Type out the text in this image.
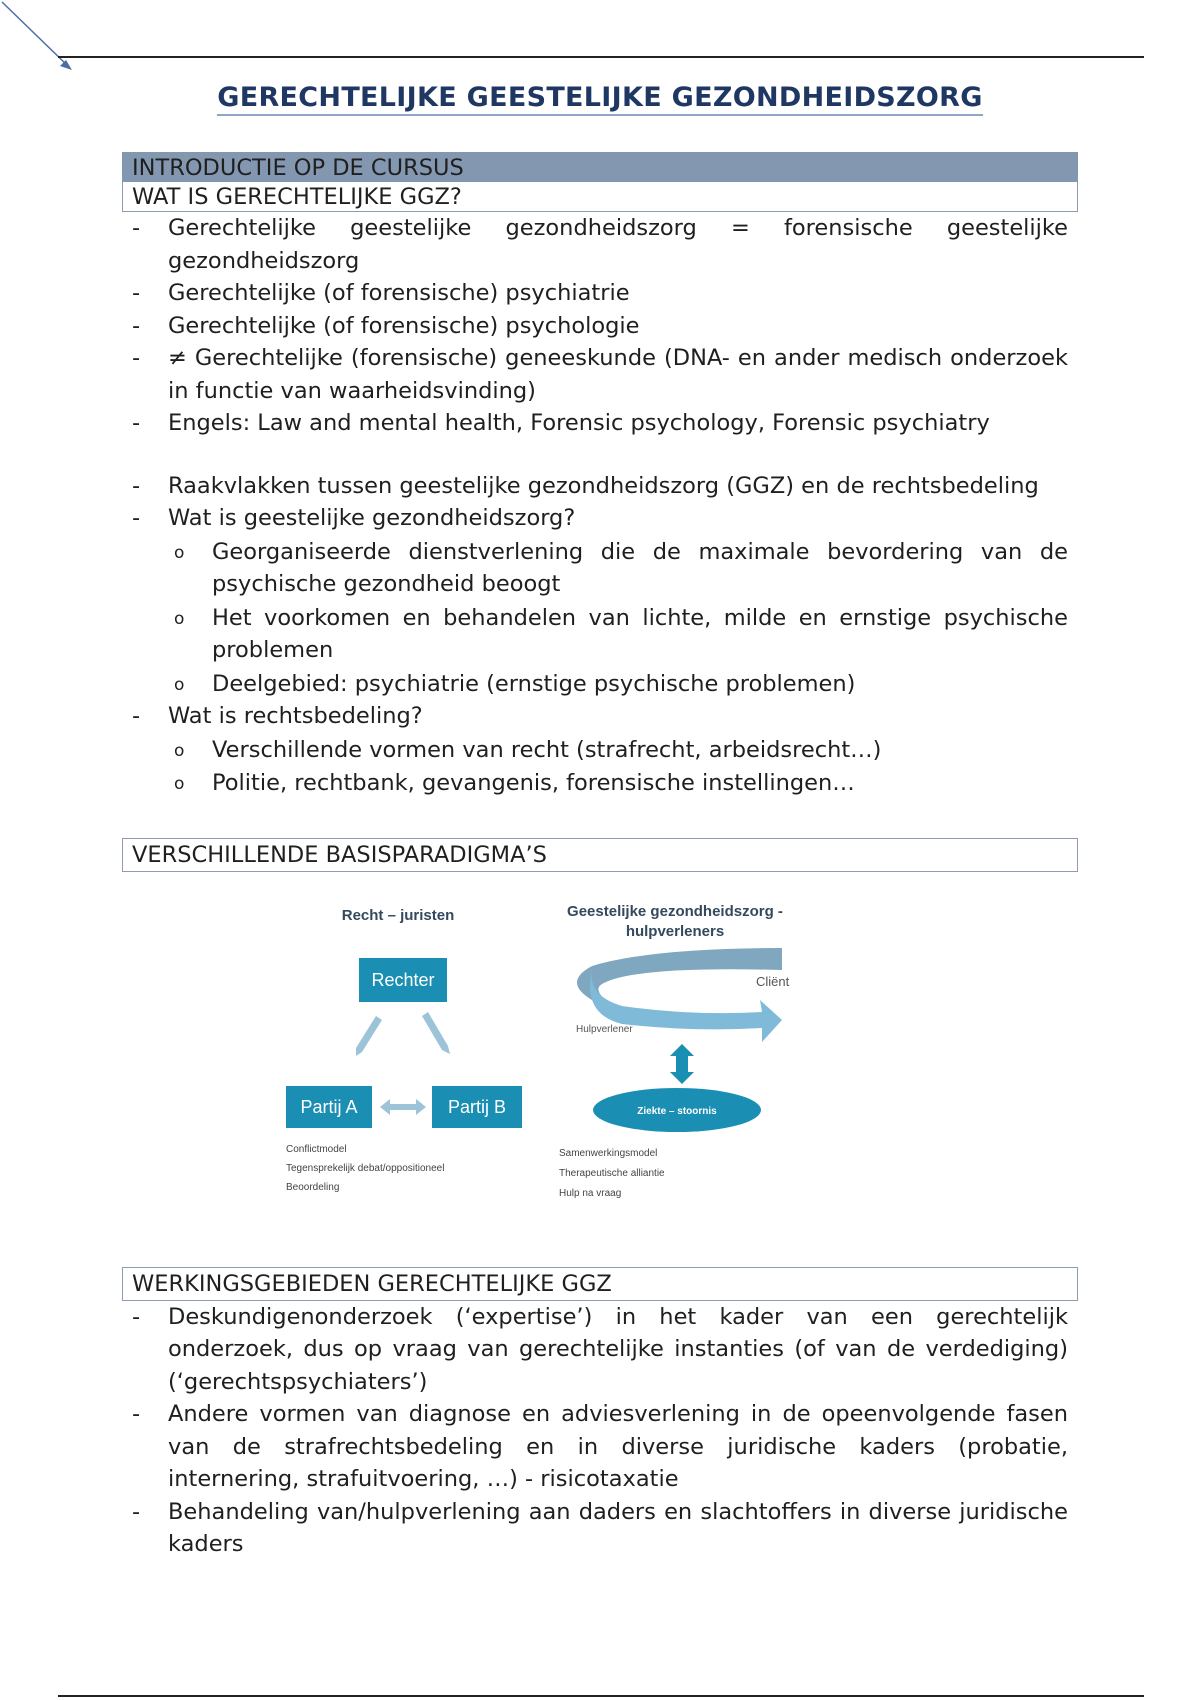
GERECHTELIJKE GEESTELIJKE GEZONDHEIDSZORG
INTRODUCTIE OP DE CURSUS
WAT IS GERECHTELIJKE GGZ?
- Gerechtelijke geestelijke gezondheidszorg = forensische geestelijke gezondheidszorg
- Gerechtelijke (of forensische) psychiatrie
- Gerechtelijke (of forensische) psychologie
- ≠ Gerechtelijke (forensische) geneeskunde (DNA- en ander medisch onderzoek in functie van waarheidsvinding)
- Engels: Law and mental health, Forensic psychology, Forensic psychiatry
- Raakvlakken tussen geestelijke gezondheidszorg (GGZ) en de rechtsbedeling
- Wat is geestelijke gezondheidszorg?
o Georganiseerde dienstverlening die de maximale bevordering van de psychische gezondheid beoogt
o Het voorkomen en behandelen van lichte, milde en ernstige psychische problemen
o Deelgebied: psychiatrie (ernstige psychische problemen)
- Wat is rechtsbedeling?
o Verschillende vormen van recht (strafrecht, arbeidsrecht…)
o Politie, rechtbank, gevangenis, forensische instellingen…
VERSCHILLENDE BASISPARADIGMA’S
Recht – juristen
Rechter
Partij A	Partij B
Conflictmodel
Tegensprekelijk debat/oppositioneel
Beoordeling
Geestelijke gezondheidszorg -
hulpverleners
Cliënt
Hulpverlener
Ziekte – stoornis
Samenwerkingsmodel
Therapeutische alliantie
Hulp na vraag
WERKINGSGEBIEDEN GERECHTELIJKE GGZ
- Deskundigenonderzoek (‘expertise’) in het kader van een gerechtelijk onderzoek, dus op vraag van gerechtelijke instanties (of van de verdediging) (‘gerechtspsychiaters’)
- Andere vormen van diagnose en adviesverlening in de opeenvolgende fasen van de strafrechtsbedeling en in diverse juridische kaders (probatie, internering, strafuitvoering, …) - risicotaxatie
- Behandeling van/hulpverlening aan daders en slachtoffers in diverse juridische kaders
